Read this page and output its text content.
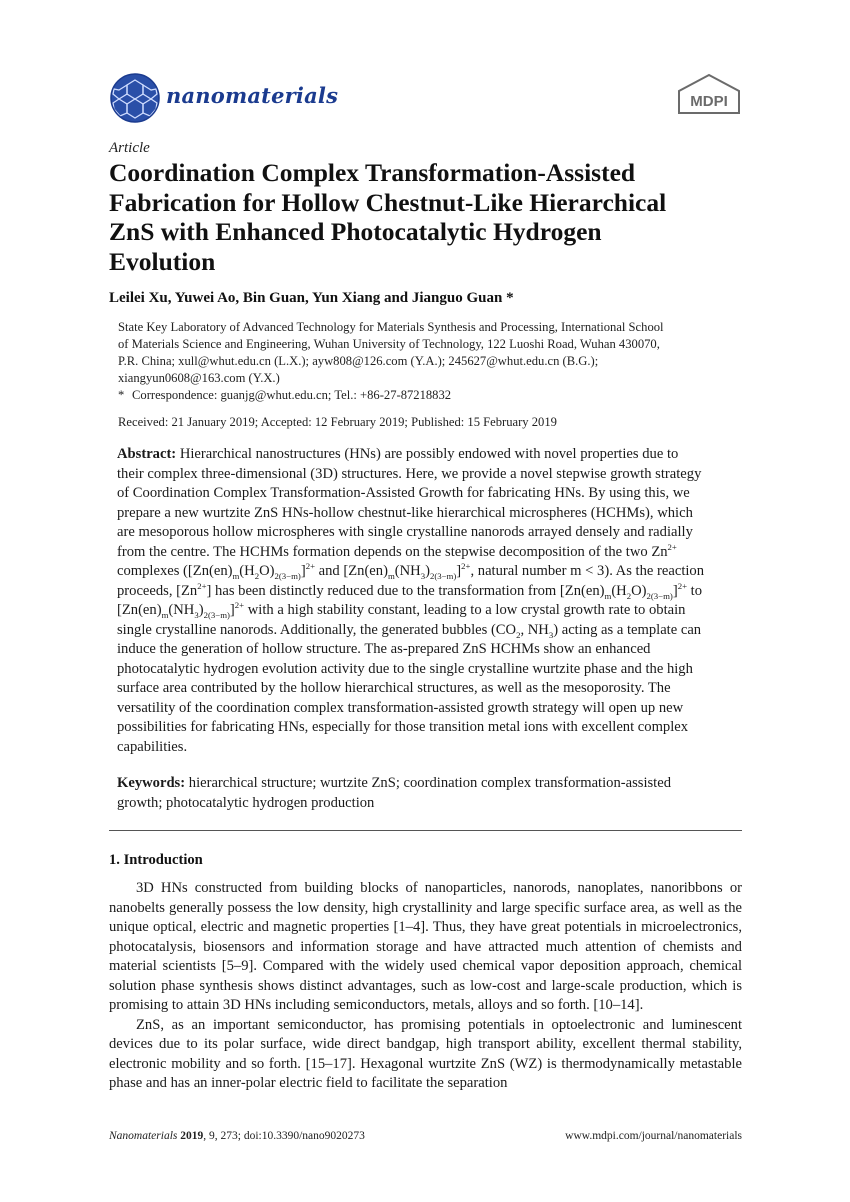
nanomaterials	MDPI
Article
Coordination Complex Transformation-Assisted
Fabrication for Hollow Chestnut-Like Hierarchical
ZnS with Enhanced Photocatalytic Hydrogen
Evolution
Leilei Xu, Yuwei Ao, Bin Guan, Yun Xiang and Jianguo Guan *
State Key Laboratory of Advanced Technology for Materials Synthesis and Processing, International School
of Materials Science and Engineering, Wuhan University of Technology, 122 Luoshi Road, Wuhan 430070,
P.R. China; xull@whut.edu.cn (L.X.); ayw808@126.com (Y.A.); 245627@whut.edu.cn (B.G.);
xiangyun0608@163.com (Y.X.)
* Correspondence: guanjg@whut.edu.cn; Tel.: +86-27-87218832
Received: 21 January 2019; Accepted: 12 February 2019; Published: 15 February 2019
Abstract: Hierarchical nanostructures (HNs) are possibly endowed with novel properties due to
their complex three-dimensional (3D) structures. Here, we provide a novel stepwise growth strategy
of Coordination Complex Transformation-Assisted Growth for fabricating HNs. By using this, we
prepare a new wurtzite ZnS HNs-hollow chestnut-like hierarchical microspheres (HCHMs), which
are mesoporous hollow microspheres with single crystalline nanorods arrayed densely and radially
from the centre. The HCHMs formation depends on the stepwise decomposition of the two $Zn^{2+}$
complexes ($[Zn(en)_m(H_2O)_{2(3-m)}]^{2+}$ and $[Zn(en)_m(NH_3)_{2(3-m)}]^{2+}$, natural number m < 3). As the reaction
proceeds, $[Zn^{2+}]$ has been distinctly reduced due to the transformation from $[Zn(en)_m(H_2O)_{2(3-m)}]^{2+}$ to
$[Zn(en)_m(NH_3)_{2(3-m)}]^{2+}$ with a high stability constant, leading to a low crystal growth rate to obtain
single crystalline nanorods. Additionally, the generated bubbles ($CO_2$, $NH_3$) acting as a template can
induce the generation of hollow structure. The as-prepared ZnS HCHMs show an enhanced
photocatalytic hydrogen evolution activity due to the single crystalline wurtzite phase and the high
surface area contributed by the hollow hierarchical structures, as well as the mesoporosity. The
versatility of the coordination complex transformation-assisted growth strategy will open up new
possibilities for fabricating HNs, especially for those transition metal ions with excellent complex
capabilities.
Keywords: hierarchical structure; wurtzite ZnS; coordination complex transformation-assisted
growth; photocatalytic hydrogen production
1. Introduction

3D HNs constructed from building blocks of nanoparticles, nanorods, nanoplates, nanoribbons or nanobelts generally possess the low density, high crystallinity and large specific surface area, as well as the unique optical, electric and magnetic properties [1–4]. Thus, they have great potentials in microelectronics, photocatalysis, biosensors and information storage and have attracted much attention of chemists and material scientists [5–9]. Compared with the widely used chemical vapor deposition approach, chemical solution phase synthesis shows distinct advantages, such as low-cost and large-scale production, which is promising to attain 3D HNs including semiconductors, metals, alloys and so forth. [10–14].

ZnS, as an important semiconductor, has promising potentials in optoelectronic and luminescent devices due to its polar surface, wide direct bandgap, high transport ability, excellent thermal stability, electronic mobility and so forth. [15–17]. Hexagonal wurtzite ZnS (WZ) is thermodynamically metastable phase and has an inner-polar electric field to facilitate the separation

Nanomaterials 2019, 9, 273; doi:10.3390/nano9020273	www.mdpi.com/journal/nanomaterials
